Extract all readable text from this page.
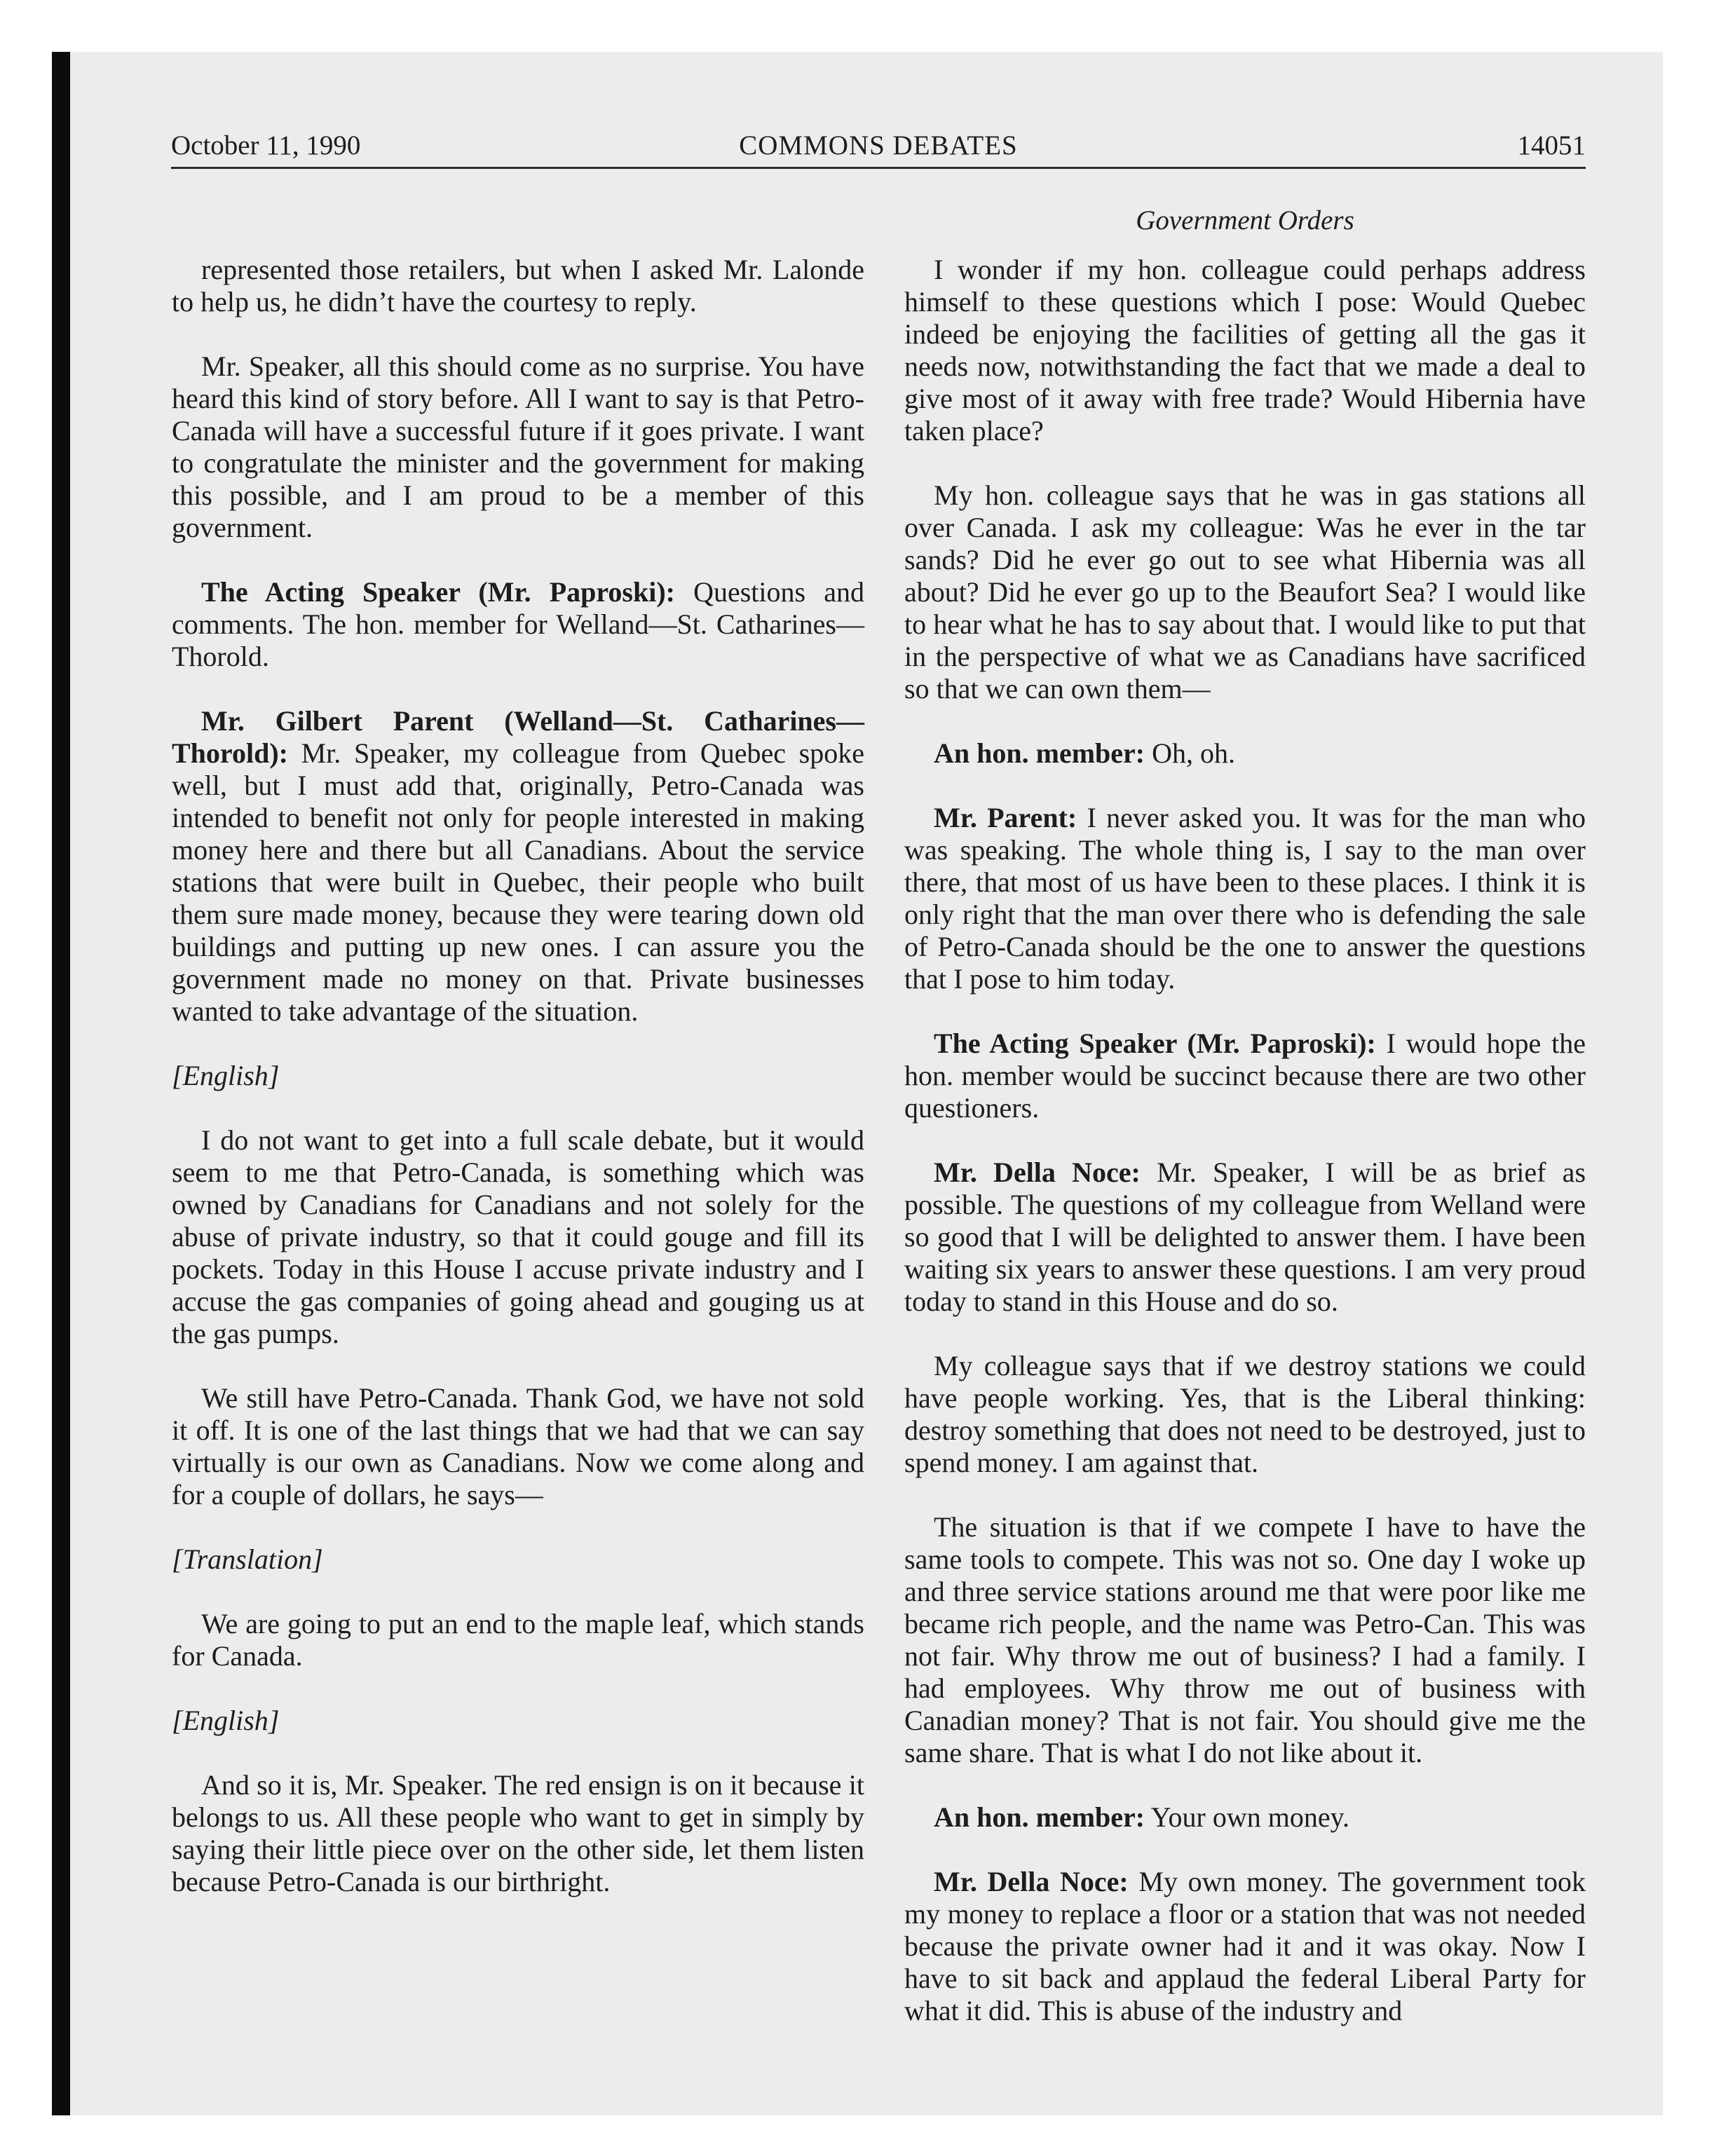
October 11, 1990	COMMONS DEBATES	14051
Government Orders

represented those retailers, but when I asked Mr. Lalonde to help us, he didn’t have the courtesy to reply.

Mr. Speaker, all this should come as no surprise. You have heard this kind of story before. All I want to say is that Petro-Canada will have a successful future if it goes private. I want to congratulate the minister and the government for making this possible, and I am proud to be a member of this government.

The Acting Speaker (Mr. Paproski): Questions and comments. The hon. member for Welland—St. Catharines—Thorold.

Mr. Gilbert Parent (Welland—St. Catharines—Thorold): Mr. Speaker, my colleague from Quebec spoke well, but I must add that, originally, Petro-Canada was intended to benefit not only for people interested in making money here and there but all Canadians. About the service stations that were built in Quebec, their people who built them sure made money, because they were tearing down old buildings and putting up new ones. I can assure you the government made no money on that. Private businesses wanted to take advantage of the situation.

[English]

I do not want to get into a full scale debate, but it would seem to me that Petro-Canada, is something which was owned by Canadians for Canadians and not solely for the abuse of private industry, so that it could gouge and fill its pockets. Today in this House I accuse private industry and I accuse the gas companies of going ahead and gouging us at the gas pumps.

We still have Petro-Canada. Thank God, we have not sold it off. It is one of the last things that we had that we can say virtually is our own as Canadians. Now we come along and for a couple of dollars, he says—

[Translation]

We are going to put an end to the maple leaf, which stands for Canada.

[English]

And so it is, Mr. Speaker. The red ensign is on it because it belongs to us. All these people who want to get in simply by saying their little piece over on the other side, let them listen because Petro-Canada is our birthright.

I wonder if my hon. colleague could perhaps address himself to these questions which I pose: Would Quebec indeed be enjoying the facilities of getting all the gas it needs now, notwithstanding the fact that we made a deal to give most of it away with free trade? Would Hibernia have taken place?

My hon. colleague says that he was in gas stations all over Canada. I ask my colleague: Was he ever in the tar sands? Did he ever go out to see what Hibernia was all about? Did he ever go up to the Beaufort Sea? I would like to hear what he has to say about that. I would like to put that in the perspective of what we as Canadians have sacrificed so that we can own them—

An hon. member: Oh, oh.

Mr. Parent: I never asked you. It was for the man who was speaking. The whole thing is, I say to the man over there, that most of us have been to these places. I think it is only right that the man over there who is defending the sale of Petro-Canada should be the one to answer the questions that I pose to him today.

The Acting Speaker (Mr. Paproski): I would hope the hon. member would be succinct because there are two other questioners.

Mr. Della Noce: Mr. Speaker, I will be as brief as possible. The questions of my colleague from Welland were so good that I will be delighted to answer them. I have been waiting six years to answer these questions. I am very proud today to stand in this House and do so.

My colleague says that if we destroy stations we could have people working. Yes, that is the Liberal thinking: destroy something that does not need to be destroyed, just to spend money. I am against that.

The situation is that if we compete I have to have the same tools to compete. This was not so. One day I woke up and three service stations around me that were poor like me became rich people, and the name was Petro-Can. This was not fair. Why throw me out of business? I had a family. I had employees. Why throw me out of business with Canadian money? That is not fair. You should give me the same share. That is what I do not like about it.

An hon. member: Your own money.

Mr. Della Noce: My own money. The government took my money to replace a floor or a station that was not needed because the private owner had it and it was okay. Now I have to sit back and applaud the federal Liberal Party for what it did. This is abuse of the industry and
